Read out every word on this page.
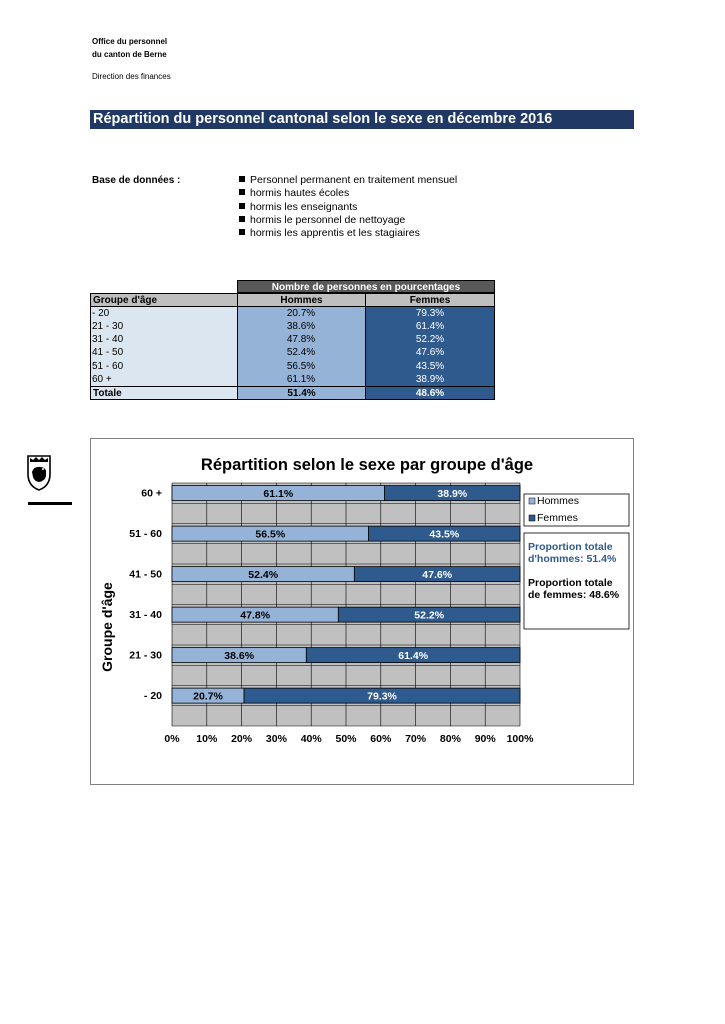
Office du personnel
du canton de Berne
Direction des finances
Répartition du personnel cantonal selon le sexe en décembre 2016
Base de données :	Personnel permanent en traitement mensuel
hormis hautes écoles
hormis les enseignants
hormis le personnel de nettoyage
hormis les apprentis et les stagiaires
Nombre de personnes en pourcentages
Groupe d'âge	Hommes	Femmes
- 20	20.7%	79.3%
21 - 30	38.6%	61.4%
31 - 40	47.8%	52.2%
41 - 50	52.4%	47.6%
51 - 60	56.5%	43.5%
60 +	61.1%	38.9%
Totale	51.4%	48.6%
Répartition selon le sexe par groupe d'âge
Groupe d'âge
0% 10% 20% 30% 40% 50% 60% 70% 80% 90% 100%
60 +	61.1%	38.9%
51 - 60	56.5%	43.5%
41 - 50	52.4%	47.6%
31 - 40	47.8%	52.2%
21 - 30	38.6%	61.4%
- 20	20.7%	79.3%
Hommes
Femmes
Proportion totale
d'hommes: 51.4%
Proportion totale
de femmes: 48.6%
